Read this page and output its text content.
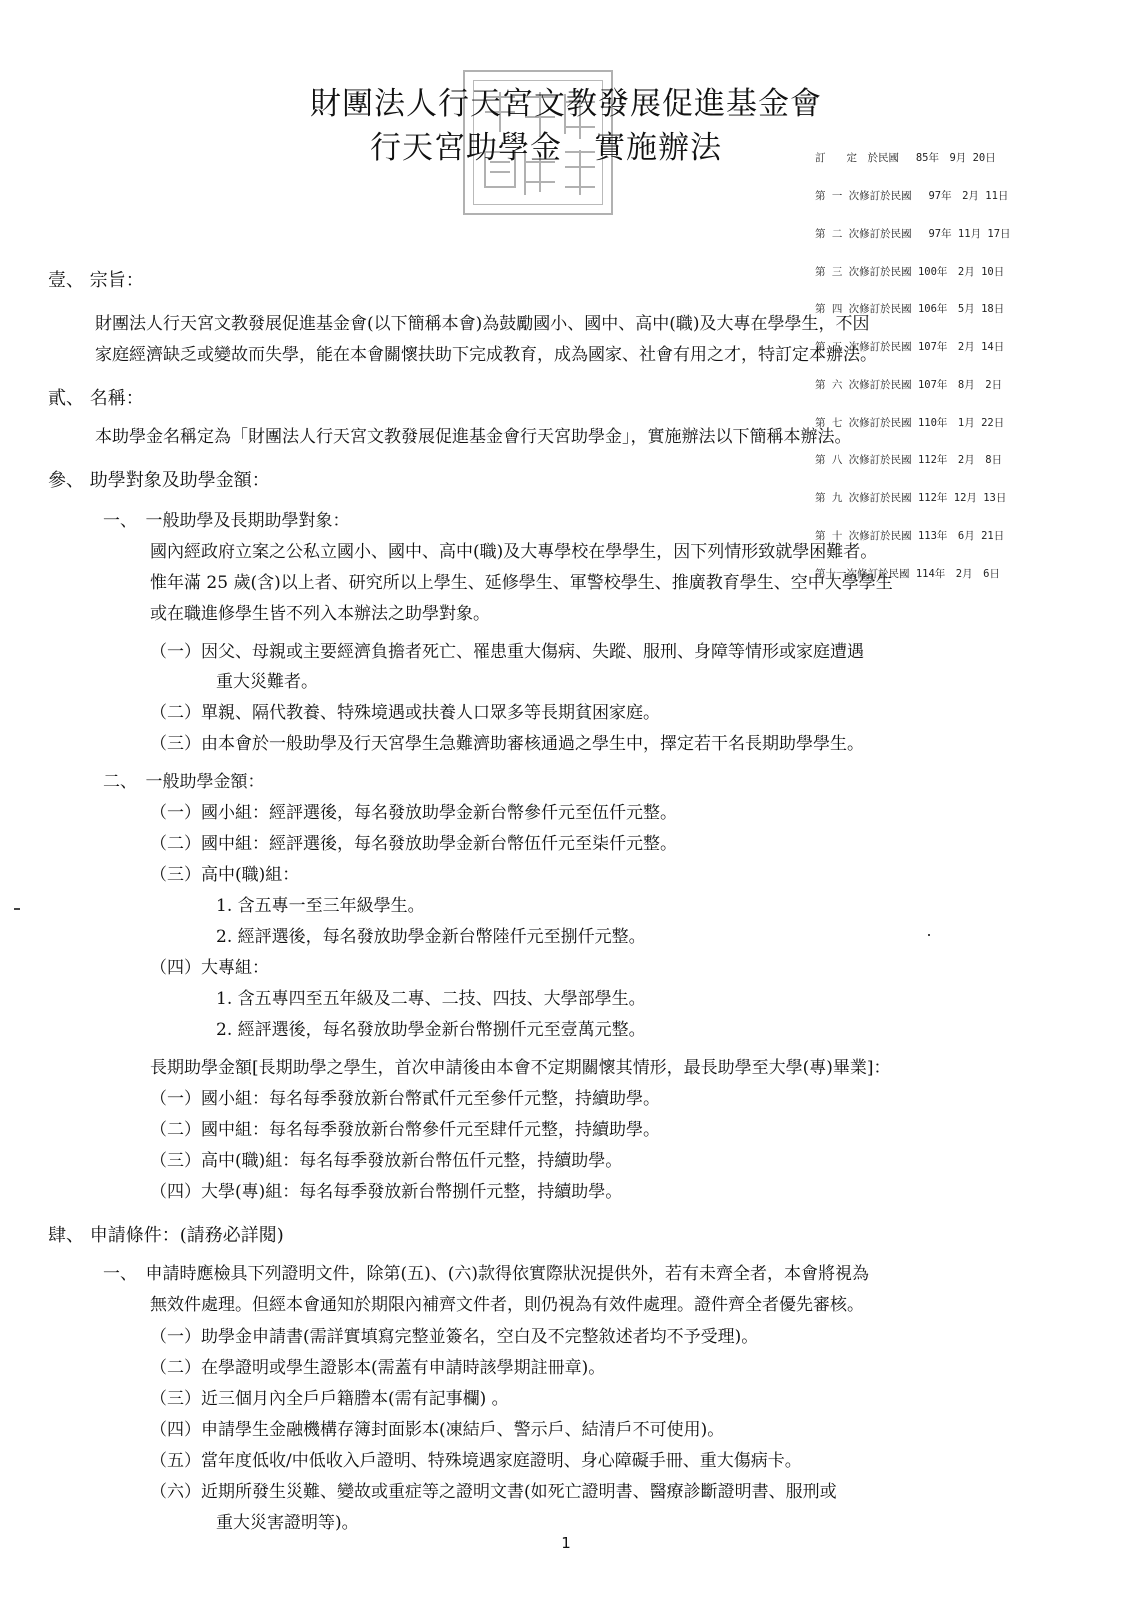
財團法人行天宮文教發展促進基金會
行天宮助學金　實施辦法

	訂　　定　於民國　 85年　9月 20日

第 一 次修訂於民國　 97年　2月 11日

第 二 次修訂於民國　 97年 11月 17日

第 三 次修訂於民國 100年　2月 10日

第 四 次修訂於民國 106年　5月 18日

第 五 次修訂於民國 107年　2月 14日

第 六 次修訂於民國 107年　8月　2日

第 七 次修訂於民國 110年　1月 22日

第 八 次修訂於民國 112年　2月　8日

第 九 次修訂於民國 112年 12月 13日

第 十 次修訂於民國 113年　6月 21日

第十一次修訂於民國 114年　2月　6日

壹、 宗旨：
財團法人行天宮文教發展促進基金會(以下簡稱本會)為鼓勵國小、國中、高中(職)及大專在學學生，不因
家庭經濟缺乏或變故而失學，能在本會關懷扶助下完成教育，成為國家、社會有用之才，特訂定本辦法。
貳、 名稱：
本助學金名稱定為「財團法人行天宮文教發展促進基金會行天宮助學金」，實施辦法以下簡稱本辦法。
參、 助學對象及助學金額：
一、　一般助學及長期助學對象：
國內經政府立案之公私立國小、國中、高中(職)及大專學校在學學生，因下列情形致就學困難者。
惟年滿 25 歲(含)以上者、研究所以上學生、延修學生、軍警校學生、推廣教育學生、空中大學學生
或在職進修學生皆不列入本辦法之助學對象。
（一）因父、母親或主要經濟負擔者死亡、罹患重大傷病、失蹤、服刑、身障等情形或家庭遭遇
重大災難者。
（二）單親、隔代教養、特殊境遇或扶養人口眾多等長期貧困家庭。
（三）由本會於一般助學及行天宮學生急難濟助審核通過之學生中，擇定若干名長期助學學生。
二、　一般助學金額：
（一）國小組：經評選後，每名發放助學金新台幣參仟元至伍仟元整。
（二）國中組：經評選後，每名發放助學金新台幣伍仟元至柒仟元整。
（三）高中(職)組：
1. 含五專一至三年級學生。
2. 經評選後，每名發放助學金新台幣陸仟元至捌仟元整。
（四）大專組：
1. 含五專四至五年級及二專、二技、四技、大學部學生。
2. 經評選後，每名發放助學金新台幣捌仟元至壹萬元整。
長期助學金額[長期助學之學生，首次申請後由本會不定期關懷其情形，最長助學至大學(專)畢業]：
（一）國小組：每名每季發放新台幣貳仟元至參仟元整，持續助學。
（二）國中組：每名每季發放新台幣參仟元至肆仟元整，持續助學。
（三）高中(職)組：每名每季發放新台幣伍仟元整，持續助學。
（四）大學(專)組：每名每季發放新台幣捌仟元整，持續助學。
肆、 申請條件：(請務必詳閱)
一、　申請時應檢具下列證明文件，除第(五)、(六)款得依實際狀況提供外，若有未齊全者，本會將視為
無效件處理。但經本會通知於期限內補齊文件者，則仍視為有效件處理。證件齊全者優先審核。
（一）助學金申請書(需詳實填寫完整並簽名，空白及不完整敘述者均不予受理)。
（二）在學證明或學生證影本(需蓋有申請時該學期註冊章)。
（三）近三個月內全戶戶籍謄本(需有記事欄) 。
（四）申請學生金融機構存簿封面影本(凍結戶、警示戶、結清戶不可使用)。
（五）當年度低收/中低收入戶證明、特殊境遇家庭證明、身心障礙手冊、重大傷病卡。
（六）近期所發生災難、變故或重症等之證明文書(如死亡證明書、醫療診斷證明書、服刑或
重大災害證明等)。
1
